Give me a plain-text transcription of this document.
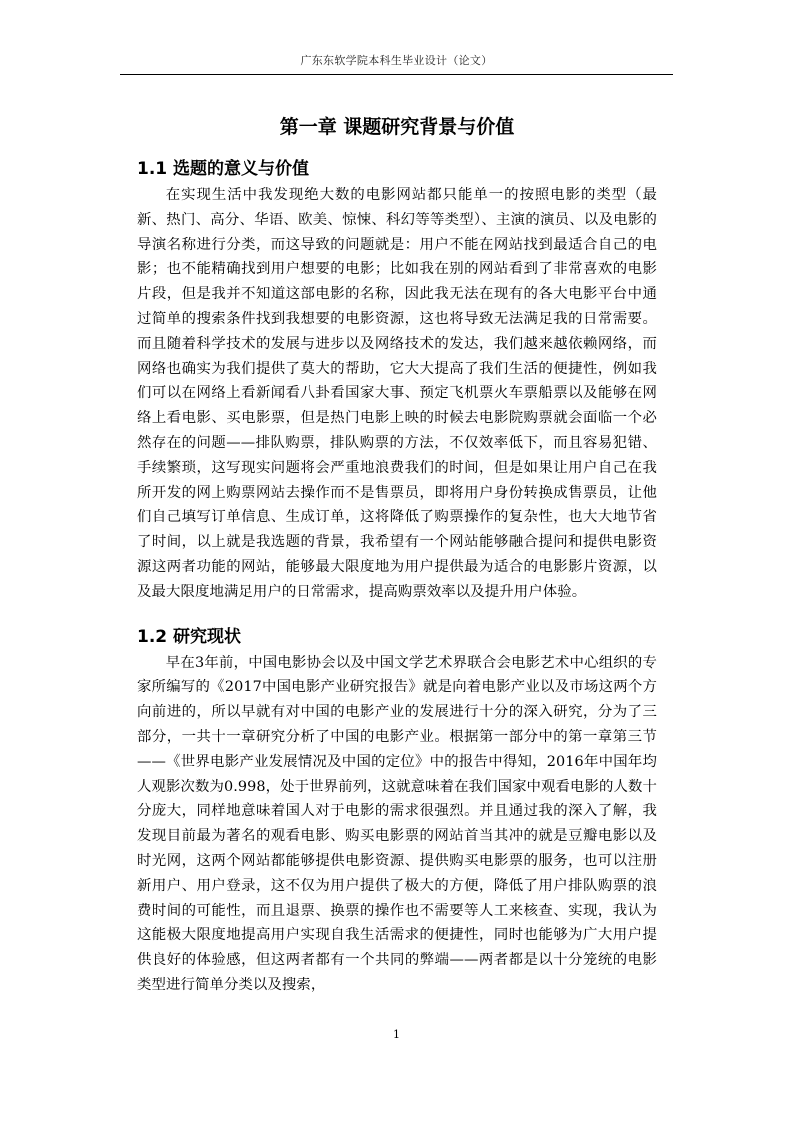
广东东软学院本科生毕业设计（论文）
第一章 课题研究背景与价值
1.1 选题的意义与价值

在实现生活中我发现绝大数的电影网站都只能单一的按照电影的类型（最新、热门、高分、华语、欧美、惊悚、科幻等等类型）、主演的演员、以及电影的导演名称进行分类，而这导致的问题就是：用户不能在网站找到最适合自己的电影；也不能精确找到用户想要的电影；比如我在别的网站看到了非常喜欢的电影片段，但是我并不知道这部电影的名称，因此我无法在现有的各大电影平台中通过简单的搜索条件找到我想要的电影资源，这也将导致无法满足我的日常需要。而且随着科学技术的发展与进步以及网络技术的发达，我们越来越依赖网络，而网络也确实为我们提供了莫大的帮助，它大大提高了我们生活的便捷性，例如我们可以在网络上看新闻看八卦看国家大事、预定飞机票火车票船票以及能够在网络上看电影、买电影票，但是热门电影上映的时候去电影院购票就会面临一个必然存在的问题——排队购票，排队购票的方法，不仅效率低下，而且容易犯错、手续繁琐，这写现实问题将会严重地浪费我们的时间，但是如果让用户自己在我所开发的网上购票网站去操作而不是售票员，即将用户身份转换成售票员，让他们自己填写订单信息、生成订单，这将降低了购票操作的复杂性，也大大地节省了时间，以上就是我选题的背景，我希望有一个网站能够融合提问和提供电影资源这两者功能的网站，能够最大限度地为用户提供最为适合的电影影片资源，以及最大限度地满足用户的日常需求，提高购票效率以及提升用户体验。

1.2 研究现状

早在3年前，中国电影协会以及中国文学艺术界联合会电影艺术中心组织的专家所编写的《2017中国电影产业研究报告》就是向着电影产业以及市场这两个方向前进的，所以早就有对中国的电影产业的发展进行十分的深入研究，分为了三部分，一共十一章研究分析了中国的电影产业。根据第一部分中的第一章第三节——《世界电影产业发展情况及中国的定位》中的报告中得知，2016年中国年均人观影次数为0.998，处于世界前列，这就意味着在我们国家中观看电影的人数十分庞大，同样地意味着国人对于电影的需求很强烈。并且通过我的深入了解，我发现目前最为著名的观看电影、购买电影票的网站首当其冲的就是豆瓣电影以及时光网，这两个网站都能够提供电影资源、提供购买电影票的服务，也可以注册新用户、用户登录，这不仅为用户提供了极大的方便，降低了用户排队购票的浪费时间的可能性，而且退票、换票的操作也不需要等人工来核查、实现，我认为这能极大限度地提高用户实现自我生活需求的便捷性，同时也能够为广大用户提供良好的体验感，但这两者都有一个共同的弊端——两者都是以十分笼统的电影类型进行简单分类以及搜索，

1
